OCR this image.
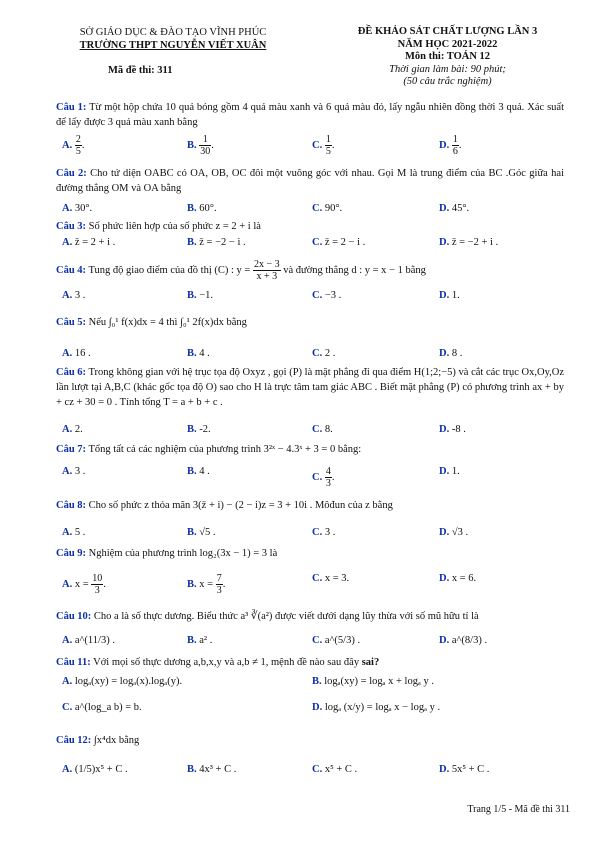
SỞ GIÁO DỤC & ĐÀO TẠO VĨNH PHÚC
TRƯỜNG THPT NGUYỄN VIẾT XUÂN
Mã đề thi: 311
ĐỀ KHẢO SÁT CHẤT LƯỢNG LẦN 3
NĂM HỌC 2021-2022
Môn thi: TOÁN 12
Thời gian làm bài: 90 phút;
(50 câu trắc nghiệm)
Câu 1: Từ một hộp chứa 10 quả bóng gồm 4 quả màu xanh và 6 quả màu đỏ, lấy ngẫu nhiên đồng thời 3 quả. Xác suất để lấy được 3 quả màu xanh bằng
A. $\frac{2}{5}$ .	B. $\frac{1}{30}$ .	C. $\frac{1}{5}$ .	D. $\frac{1}{6}$ .
Câu 2: Cho tứ diện OABC có OA, OB, OC đôi một vuông góc với nhau. Gọi M là trung điểm của BC .Góc giữa hai đường thẳng OM và OA bằng
A. 30°.	B. 60°.	C. 90°.	D. 45°.
Câu 3: Số phức liên hợp của số phức z = 2 + i là
A. z̄ = 2 + i .	B. z̄ = −2 − i .	C. z̄ = 2 − i .	D. z̄ = −2 + i .
Câu 4: Tung độ giao điểm của đồ thị (C) : $y = \frac{2x - 3}{x + 3}$ và đường thẳng d : y = x − 1 bằng
A. 3 .	B. −1.	C. −3 .	D. 1.
Câu 5: Nếu ∫₀¹ f(x)dx = 4 thì ∫₀¹ 2f(x)dx bằng
A. 16 .	B. 4 .	C. 2 .	D. 8 .
Câu 6: Trong không gian với hệ trục tọa độ Oxyz , gọi (P) là mặt phẳng đi qua điểm H(1;2;−5) và cắt các trục Ox,Oy,Oz lần lượt tại A,B,C (khác gốc tọa độ O) sao cho H là trực tâm tam giác ABC . Biết mặt phẳng (P) có phương trình ax + by + cz + 30 = 0 . Tính tổng T = a + b + c .
A. 2.	B. -2.	C. 8.	D. -8 .
Câu 7: Tổng tất cả các nghiệm của phương trình 3²ˣ − 4.3ˣ + 3 = 0 bằng:
A. 3 .	B. 4 .
C. $\frac{4}{3}$ .
D. 1.
Câu 8: Cho số phức z thỏa mãn 3(z̄ + i) − (2 − i)z = 3 + 10i . Môđun của z bằng
A. 5 .	B. √5 .	C. 3 .	D. √3 .
Câu 9: Nghiệm của phương trình log₂(3x − 1) = 3 là
A. $x = \frac{10}{3}$ .	B. $x = \frac{7}{3}$ .
C. x = 3.	D. x = 6.
Câu 10: Cho a là số thực dương. Biểu thức a³ ∛(a²) được viết dưới dạng lũy thừa với số mũ hữu tỉ là
A. a^(11/3) .	B. a² .	C. a^(5/3) .	D. a^(8/3) .
Câu 11: Với mọi số thực dương a,b,x,y và a,b ≠ 1, mệnh đề nào sau đây sai?
A. logₐ(xy) = logₐ(x).logₐ(y).	B. logₐ(xy) = logₐ x + logₐ y .
C. a^(log_a b) = b.	D. logₐ (x/y) = logₐ x − logₐ y .
Câu 12: ∫x⁴dx bằng
A. (1/5)x⁵ + C .	B. 4x³ + C .	C. x⁵ + C .	D. 5x⁵ + C .
Trang 1/5 - Mã đề thi 311
